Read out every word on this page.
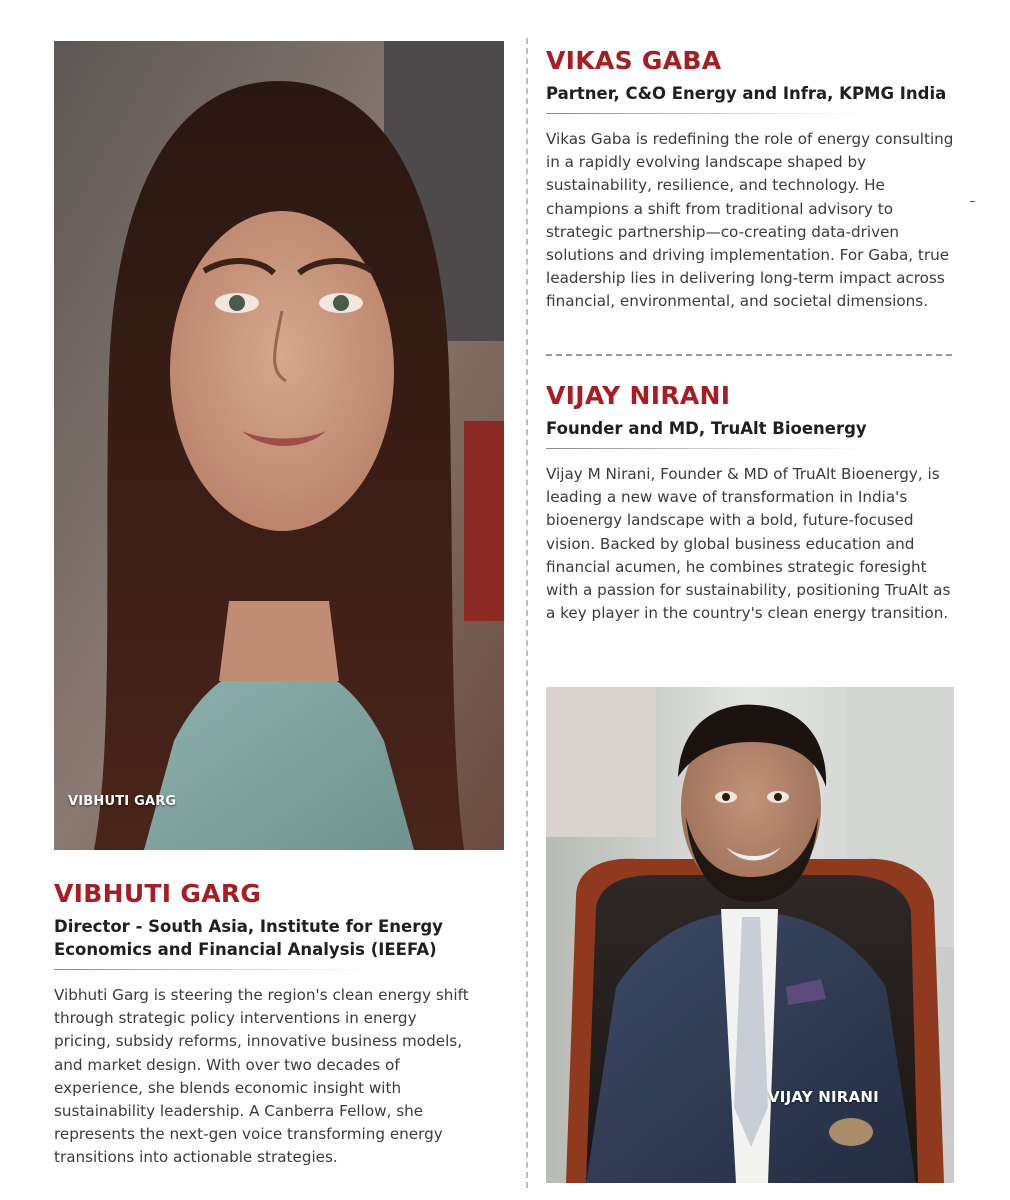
VIBHUTI GARG
VIKAS GABA
Partner, C&O Energy and Infra, KPMG India
Vikas Gaba is redefining the role of energy consulting in a rapidly evolving landscape shaped by sustainability, resilience, and technology. He champions a shift from traditional advisory to strategic partnership—co-creating data-driven solutions and driving implementation. For Gaba, true leadership lies in delivering long-term impact across financial, environmental, and societal dimensions.
VIJAY NIRANI
Founder and MD, TruAlt Bioenergy
Vijay M Nirani, Founder & MD of TruAlt Bioenergy, is leading a new wave of transformation in India's bioenergy landscape with a bold, future-focused vision. Backed by global business education and financial acumen, he combines strategic foresight with a passion for sustainability, positioning TruAlt as a key player in the country's clean energy transition.
VIJAY NIRANI
VIBHUTI GARG
Director - South Asia, Institute for Energy Economics and Financial Analysis (IEEFA)
Vibhuti Garg is steering the region's clean energy shift through strategic policy interventions in energy pricing, subsidy reforms, innovative business models, and market design. With over two decades of experience, she blends economic insight with sustainability leadership. A Canberra Fellow, she represents the next-gen voice transforming energy transitions into actionable strategies.
